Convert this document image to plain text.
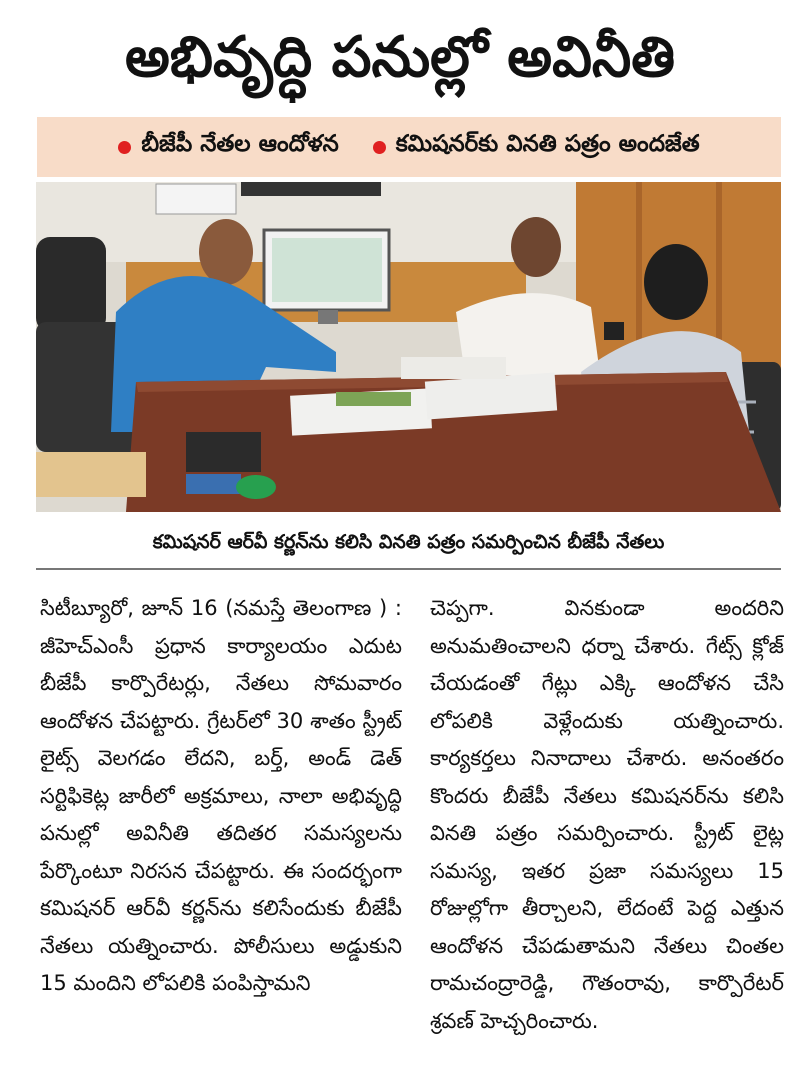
అభివృద్ధి పనుల్లో అవినీతి
బీజేపీ నేతల ఆందోళన కమిషనర్‌కు వినతి పత్రం అందజేత
కమిషనర్ ఆర్‌వీ కర్ణన్‌ను కలిసి వినతి పత్రం సమర్పించిన బీజేపీ నేతలు
సిటీబ్యూరో, జూన్ 16 (నమస్తే తెలంగాణ ) : జీహెచ్ఎంసీ ప్రధాన కార్యాలయం ఎదుట బీజేపీ కార్పొరేటర్లు, నేతలు సోమవారం ఆందోళన చేపట్టారు. గ్రేటర్‌లో 30 శాతం స్ట్రీట్ లైట్స్ వెలగడం లేదని, బర్త్, అండ్ డెత్ సర్టిఫికెట్ల జారీలో అక్రమాలు, నాలా అభివృద్ధి పనుల్లో అవినీతి తదితర సమస్యలను పేర్కొంటూ నిరసన చేపట్టారు. ఈ సందర్భంగా కమిషనర్ ఆర్‌వీ కర్ణన్‌ను కలిసేందుకు బీజేపీ నేతలు యత్నించారు. పోలీసులు అడ్డుకుని 15 మందిని లోపలికి పంపిస్తామని
చెప్పగా. వినకుండా అందరిని అనుమతించాలని ధర్నా చేశారు. గేట్స్ క్లోజ్ చేయడంతో గేట్లు ఎక్కి ఆందోళన చేసి లోపలికి వెళ్లేందుకు యత్నించారు. కార్యకర్తలు నినాదాలు చేశారు. అనంతరం కొందరు బీజేపీ నేతలు కమిషనర్‌ను కలిసి వినతి పత్రం సమర్పించారు. స్ట్రీట్ లైట్ల సమస్య, ఇతర ప్రజా సమస్యలు 15 రోజుల్లోగా తీర్చాలని, లేదంటే పెద్ద ఎత్తున ఆందోళన చేపడుతామని నేతలు చింతల రామచంద్రారెడ్డి, గౌతంరావు, కార్పొరేటర్ శ్రవణ్ హెచ్చరించారు.
